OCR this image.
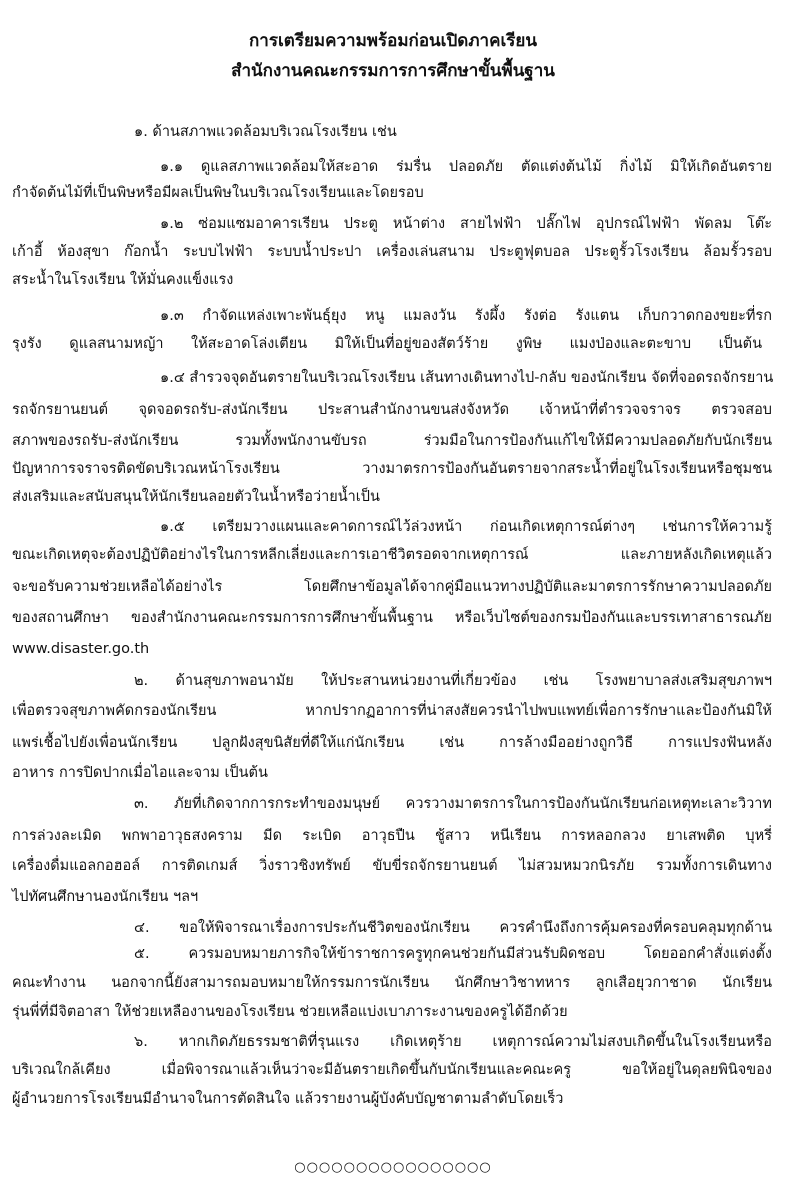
การเตรียมความพร้อมก่อนเปิดภาคเรียน
สำนักงานคณะกรรมการการศึกษาขั้นพื้นฐาน
๑. ด้านสภาพแวดล้อมบริเวณโรงเรียน เช่น
๑.๑ ดูแลสภาพแวดล้อมให้สะอาด ร่มรื่น ปลอดภัย ตัดแต่งต้นไม้ กิ่งไม้ มิให้เกิดอันตราย
กำจัดต้นไม้ที่เป็นพิษหรือมีผลเป็นพิษในบริเวณโรงเรียนและโดยรอบ
๑.๒ ซ่อมแซมอาคารเรียน ประตู หน้าต่าง สายไฟฟ้า ปลั๊กไฟ อุปกรณ์ไฟฟ้า พัดลม โต๊ะ
เก้าอี้ ห้องสุขา ก๊อกน้ำ ระบบไฟฟ้า ระบบน้ำประปา เครื่องเล่นสนาม ประตูฟุตบอล ประตูรั้วโรงเรียน ล้อมรั้วรอบ
สระน้ำในโรงเรียน ให้มั่นคงแข็งแรง
๑.๓ กำจัดแหล่งเพาะพันธุ์ยุง หนู แมลงวัน รังผึ้ง รังต่อ รังแตน เก็บกวาดกองขยะที่รก
รุงรัง ดูแลสนามหญ้า ให้สะอาดโล่งเตียน มิให้เป็นที่อยู่ของสัตว์ร้าย งูพิษ แมงป่องและตะขาบ เป็นต้น
๑.๔ สำรวจจุดอันตรายในบริเวณโรงเรียน เส้นทางเดินทางไป-กลับ ของนักเรียน จัดที่จอดรถจักรยาน
รถจักรยานยนต์ จุดจอดรถรับ-ส่งนักเรียน ประสานสำนักงานขนส่งจังหวัด เจ้าหน้าที่ตำรวจจราจร ตรวจสอบ
สภาพของรถรับ-ส่งนักเรียน รวมทั้งพนักงานขับรถ ร่วมมือในการป้องกันแก้ไขให้มีความปลอดภัยกับนักเรียน
ปัญหาการจราจรติดขัดบริเวณหน้าโรงเรียน วางมาตรการป้องกันอันตรายจากสระน้ำที่อยู่ในโรงเรียนหรือชุมชน
ส่งเสริมและสนับสนุนให้นักเรียนลอยตัวในน้ำหรือว่ายน้ำเป็น
๑.๕ เตรียมวางแผนและคาดการณ์ไว้ล่วงหน้า ก่อนเกิดเหตุการณ์ต่างๆ เช่นการให้ความรู้
ขณะเกิดเหตุจะต้องปฏิบัติอย่างไรในการหลีกเลี่ยงและการเอาชีวิตรอดจากเหตุการณ์ และภายหลังเกิดเหตุแล้ว
จะขอรับความช่วยเหลือได้อย่างไร โดยศึกษาข้อมูลได้จากคู่มือแนวทางปฏิบัติและมาตรการรักษาความปลอดภัย
ของสถานศึกษา ของสำนักงานคณะกรรมการการศึกษาขั้นพื้นฐาน หรือเว็บไซต์ของกรมป้องกันและบรรเทาสาธารณภัย
www.disaster.go.th
๒. ด้านสุขภาพอนามัย ให้ประสานหน่วยงานที่เกี่ยวข้อง เช่น โรงพยาบาลส่งเสริมสุขภาพฯ
เพื่อตรวจสุขภาพคัดกรองนักเรียน หากปรากฏอาการที่น่าสงสัยควรนำไปพบแพทย์เพื่อการรักษาและป้องกันมิให้
แพร่เชื้อไปยังเพื่อนนักเรียน ปลูกฝังสุขนิสัยที่ดีให้แก่นักเรียน เช่น การล้างมืออย่างถูกวิธี การแปรงฟันหลัง
อาหาร การปิดปากเมื่อไอและจาม เป็นต้น
๓. ภัยที่เกิดจากการกระทำของมนุษย์ ควรวางมาตรการในการป้องกันนักเรียนก่อเหตุทะเลาะวิวาท
การล่วงละเมิด พกพาอาวุธสงคราม มีด ระเบิด อาวุธปืน ชู้สาว หนีเรียน การหลอกลวง ยาเสพติด บุหรี่
เครื่องดื่มแอลกอฮอล์ การติดเกมส์ วิ่งราวชิงทรัพย์ ขับขี่รถจักรยานยนต์ ไม่สวมหมวกนิรภัย รวมทั้งการเดินทาง
ไปทัศนศึกษานองนักเรียน ฯลฯ
๔. ขอให้พิจารณาเรื่องการประกันชีวิตของนักเรียน ควรคำนึงถึงการคุ้มครองที่ครอบคลุมทุกด้าน
๕. ควรมอบหมายภารกิจให้ข้าราชการครูทุกคนช่วยกันมีส่วนรับผิดชอบ โดยออกคำสั่งแต่งตั้ง
คณะทำงาน นอกจากนี้ยังสามารถมอบหมายให้กรรมการนักเรียน นักศึกษาวิชาทหาร ลูกเสือยุวกาชาด นักเรียน
รุ่นพี่ที่มีจิตอาสา ให้ช่วยเหลืองานของโรงเรียน ช่วยเหลือแบ่งเบาภาระงานของครูได้อีกด้วย
๖. หากเกิดภัยธรรมชาติที่รุนแรง เกิดเหตุร้าย เหตุการณ์ความไม่สงบเกิดขึ้นในโรงเรียนหรือ
บริเวณใกล้เคียง เมื่อพิจารณาแล้วเห็นว่าจะมีอันตรายเกิดขึ้นกับนักเรียนและคณะครู ขอให้อยู่ในดุลยพินิจของ
ผู้อำนวยการโรงเรียนมีอำนาจในการตัดสินใจ แล้วรายงานผู้บังคับบัญชาตามลำดับโดยเร็ว
○○○○○○○○○○○○○○○○
